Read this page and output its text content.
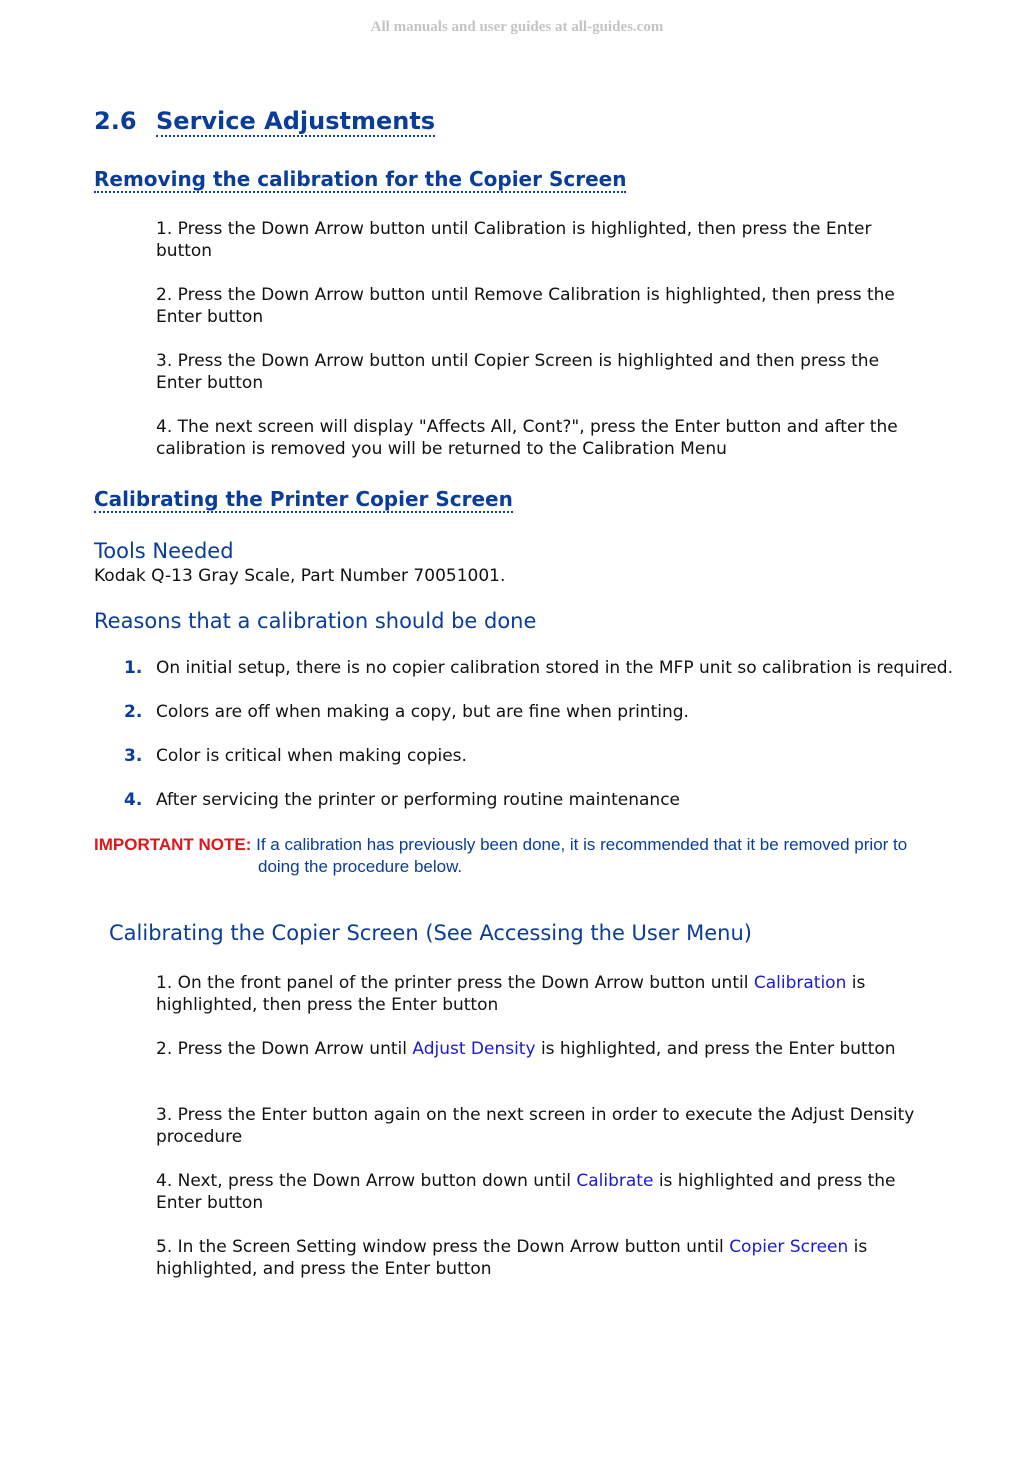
All manuals and user guides at all-guides.com
2.6 Service Adjustments
Removing the calibration for the Copier Screen

1. Press the Down Arrow button until Calibration is highlighted, then press the Enter button

2. Press the Down Arrow button until Remove Calibration is highlighted, then press the Enter button

3. Press the Down Arrow button until Copier Screen is highlighted and then press the Enter button

4. The next screen will display "Affects All, Cont?", press the Enter button and after the calibration is removed you will be returned to the Calibration Menu

Calibrating the Printer Copier Screen
Tools Needed

Kodak Q-13 Gray Scale, Part Number 70051001.

Reasons that a calibration should be done

1. On initial setup, there is no copier calibration stored in the MFP unit so calibration is required.

2. Colors are off when making a copy, but are fine when printing.

3. Color is critical when making copies.

4. After servicing the printer or performing routine maintenance

IMPORTANT NOTE: If a calibration has previously been done, it is recommended that it be removed prior to
doing the procedure below.

Calibrating the Copier Screen (See Accessing the User Menu)

1. On the front panel of the printer press the Down Arrow button until Calibration is highlighted, then press the Enter button

2. Press the Down Arrow until Adjust Density is highlighted, and press the Enter button

3. Press the Enter button again on the next screen in order to execute the Adjust Density procedure

4. Next, press the Down Arrow button down until Calibrate is highlighted and press the Enter button

5. In the Screen Setting window press the Down Arrow button until Copier Screen is highlighted, and press the Enter button
